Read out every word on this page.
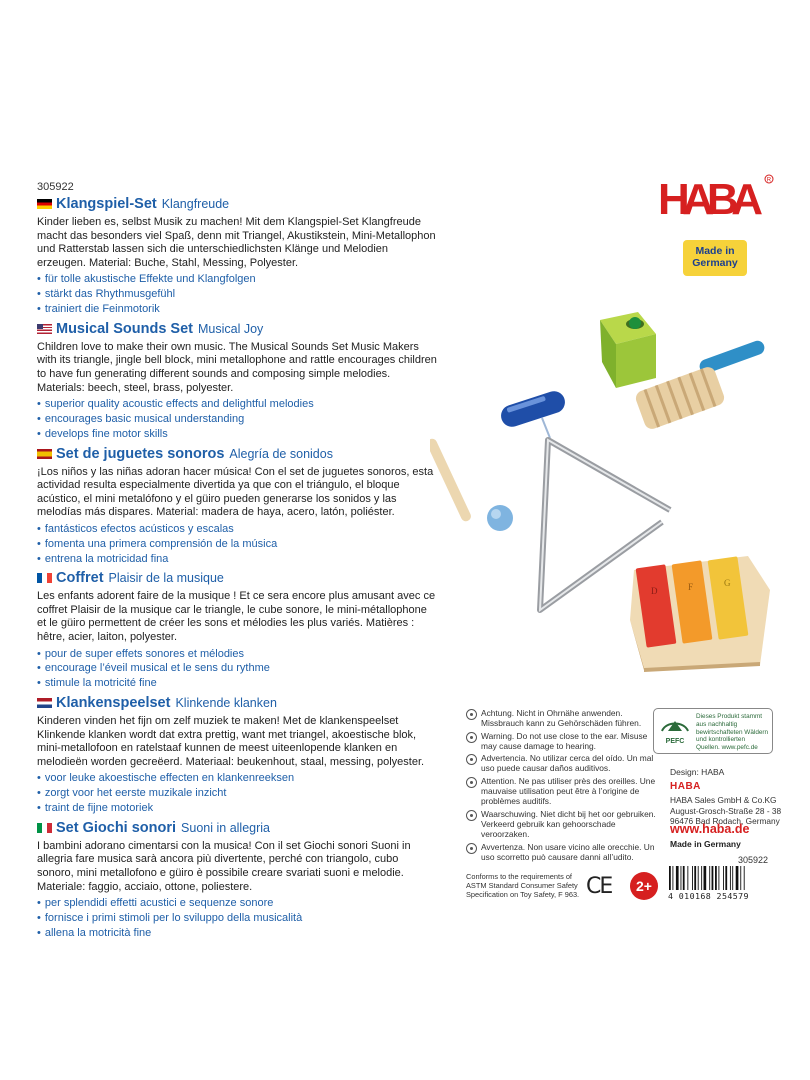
305922
Klangspiel-Set Klangfreude
Kinder lieben es, selbst Musik zu machen! Mit dem Klangspiel-Set Klangfreude macht das besonders viel Spaß, denn mit Triangel, Akustikstein, Mini-Metallophon und Ratterstab lassen sich die unterschiedlichsten Klänge und Melodien erzeugen. Material: Buche, Stahl, Messing, Polyester.
• für tolle akustische Effekte und Klangfolgen
• stärkt das Rhythmusgefühl
• trainiert die Feinmotorik
Musical Sounds Set Musical Joy
Children love to make their own music. The Musical Sounds Set Music Makers with its triangle, jingle bell block, mini metallophone and rattle encourages children to have fun generating different sounds and composing simple melodies. Materials: beech, steel, brass, polyester.
• superior quality acoustic effects and delightful melodies
• encourages basic musical understanding
• develops fine motor skills
Set de juguetes sonoros Alegría de sonidos
¡Los niños y las niñas adoran hacer música! Con el set de juguetes sonoros, esta actividad resulta especialmente divertida ya que con el triángulo, el bloque acústico, el mini metalófono y el güiro pueden generarse los sonidos y las melodías más dispares. Material: madera de haya, acero, latón, poliéster.
• fantásticos efectos acústicos y escalas
• fomenta una primera comprensión de la música
• entrena la motricidad fina
Coffret Plaisir de la musique
Les enfants adorent faire de la musique ! Et ce sera encore plus amusant avec ce coffret Plaisir de la musique car le triangle, le cube sonore, le mini-métallophone et le güiro permettent de créer les sons et mélodies les plus variés. Matières : hêtre, acier, laiton, polyester.
• pour de super effets sonores et mélodies
• encourage l’éveil musical et le sens du rythme
• stimule la motricité fine
Klankenspeelset Klinkende klanken
Kinderen vinden het fijn om zelf muziek te maken! Met de klankenspeelset Klinkende klanken wordt dat extra prettig, want met triangel, akoestische blok, mini-metallofoon en ratelstaaf kunnen de meest uiteenlopende klanken en melodieën worden gecreëerd. Materiaal: beukenhout, staal, messing, polyester.
• voor leuke akoestische effecten en klankenreeksen
• zorgt voor het eerste muzikale inzicht
• traint de fijne motoriek
Set Giochi sonori Suoni in allegria
I bambini adorano cimentarsi con la musica! Con il set Giochi sonori Suoni in allegria fare musica sarà ancora più divertente, perché con triangolo, cubo sonoro, mini metallofono e güiro è possibile creare svariati suoni e melodie. Materiale: faggio, acciaio, ottone, poliestere.
• per splendidi effetti acustici e sequenze sonore
• fornisce i primi stimoli per lo sviluppo della musicalità
• allena la motricità fine
HABA R
Made in
Germany
D	F	G
Achtung. Nicht in Ohrnähe anwenden. Missbrauch kann zu Gehörschäden führen.
Warning. Do not use close to the ear. Misuse may cause damage to hearing.
Advertencia. No utilizar cerca del oído. Un mal uso puede causar daños auditivos.
Attention. Ne pas utiliser près des oreilles. Une mauvaise utilisation peut être à l’origine de problèmes auditifs.
Waarschuwing. Niet dicht bij het oor gebruiken. Verkeerd gebruik kan gehoorschade veroorzaken.
Avvertenza. Non usare vicino alle orecchie. Un uso scorretto può causare danni all’udito.
PEFC
Dieses Produkt stammt aus nachhaltig bewirtschafteten Wäldern und kontrollierten Quellen. www.pefc.de
Design: HABA
HABA
HABA Sales GmbH & Co.KG
August-Grosch-Straße 28 - 38
96476 Bad Rodach, Germany
www.haba.de
Made in Germany
305922
Conforms to the requirements of ASTM Standard Consumer Safety Specification on Toy Safety, F 963. CE	2+
4 010168 254579
